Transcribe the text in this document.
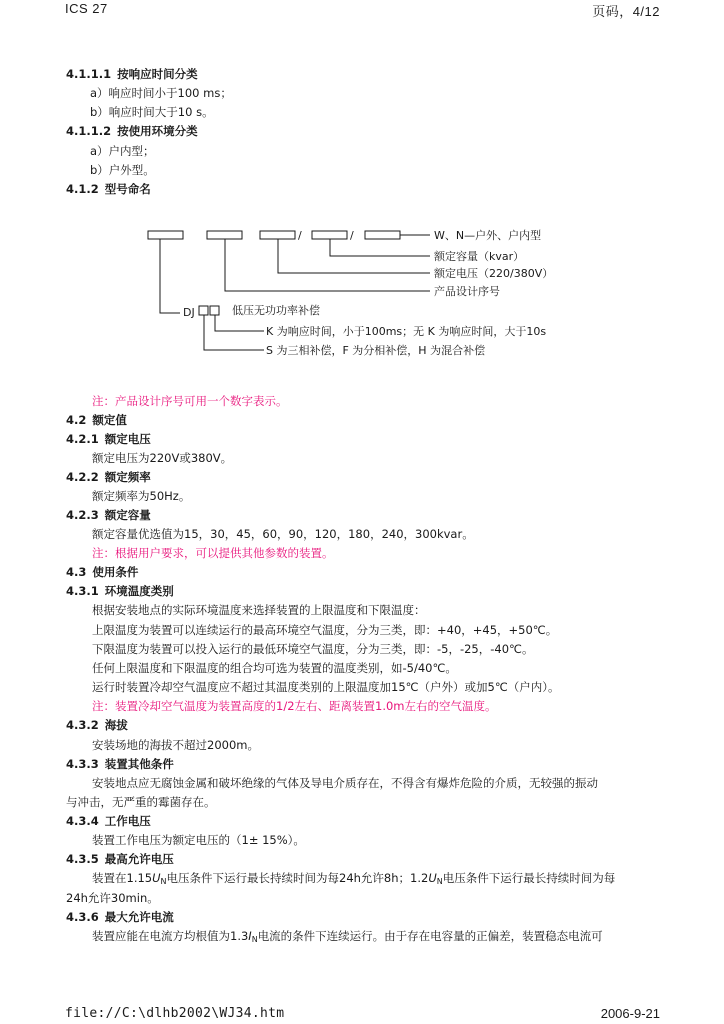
ICS 27	页码，4/12
4.1.1.1 按响应时间分类
a）响应时间小于100 ms；
b）响应时间大于10 s。
4.1.1.2 按使用环境分类
a）户内型；
b）户外型。
4.1.2 型号命名
/	/	W、N—户外、户内型
额定容量（kvar）
额定电压（220/380V）
产品设计序号
DJ	低压无功功率补偿
K 为响应时间，小于100ms；无 K 为响应时间，大于10s
S 为三相补偿，F 为分相补偿，H 为混合补偿
注：产品设计序号可用一个数字表示。
4.2 额定值
4.2.1 额定电压
额定电压为220V或380V。
4.2.2 额定频率
额定频率为50Hz。
4.2.3 额定容量
额定容量优选值为15，30，45，60，90，120，180，240，300kvar。
注：根据用户要求，可以提供其他参数的装置。
4.3 使用条件
4.3.1 环境温度类别
根据安装地点的实际环境温度来选择装置的上限温度和下限温度：
上限温度为装置可以连续运行的最高环境空气温度，分为三类，即：+40，+45，+50℃。
下限温度为装置可以投入运行的最低环境空气温度，分为三类，即：-5，-25，-40℃。
任何上限温度和下限温度的组合均可选为装置的温度类别，如-5/40℃。
运行时装置冷却空气温度应不超过其温度类别的上限温度加15℃（户外）或加5℃（户内）。
注：装置冷却空气温度为装置高度的1/2左右、距离装置1.0m左右的空气温度。
4.3.2 海拔
安装场地的海拔不超过2000m。
4.3.3 装置其他条件
安装地点应无腐蚀金属和破坏绝缘的气体及导电介质存在，不得含有爆炸危险的介质，无较强的振动
与冲击，无严重的霉菌存在。
4.3.4 工作电压
装置工作电压为额定电压的（1± 15%）。
4.3.5 最高允许电压
装置在$1.15U_N$电压条件下运行最长持续时间为每24h允许8h；$1.2U_N$电压条件下运行最长持续时间为每
24h允许30min。
4.3.6 最大允许电流
装置应能在电流方均根值为$1.3I_N$电流的条件下连续运行。由于存在电容量的正偏差，装置稳态电流可
file://C:\dlhb2002\WJ34.htm	2006-9-21
